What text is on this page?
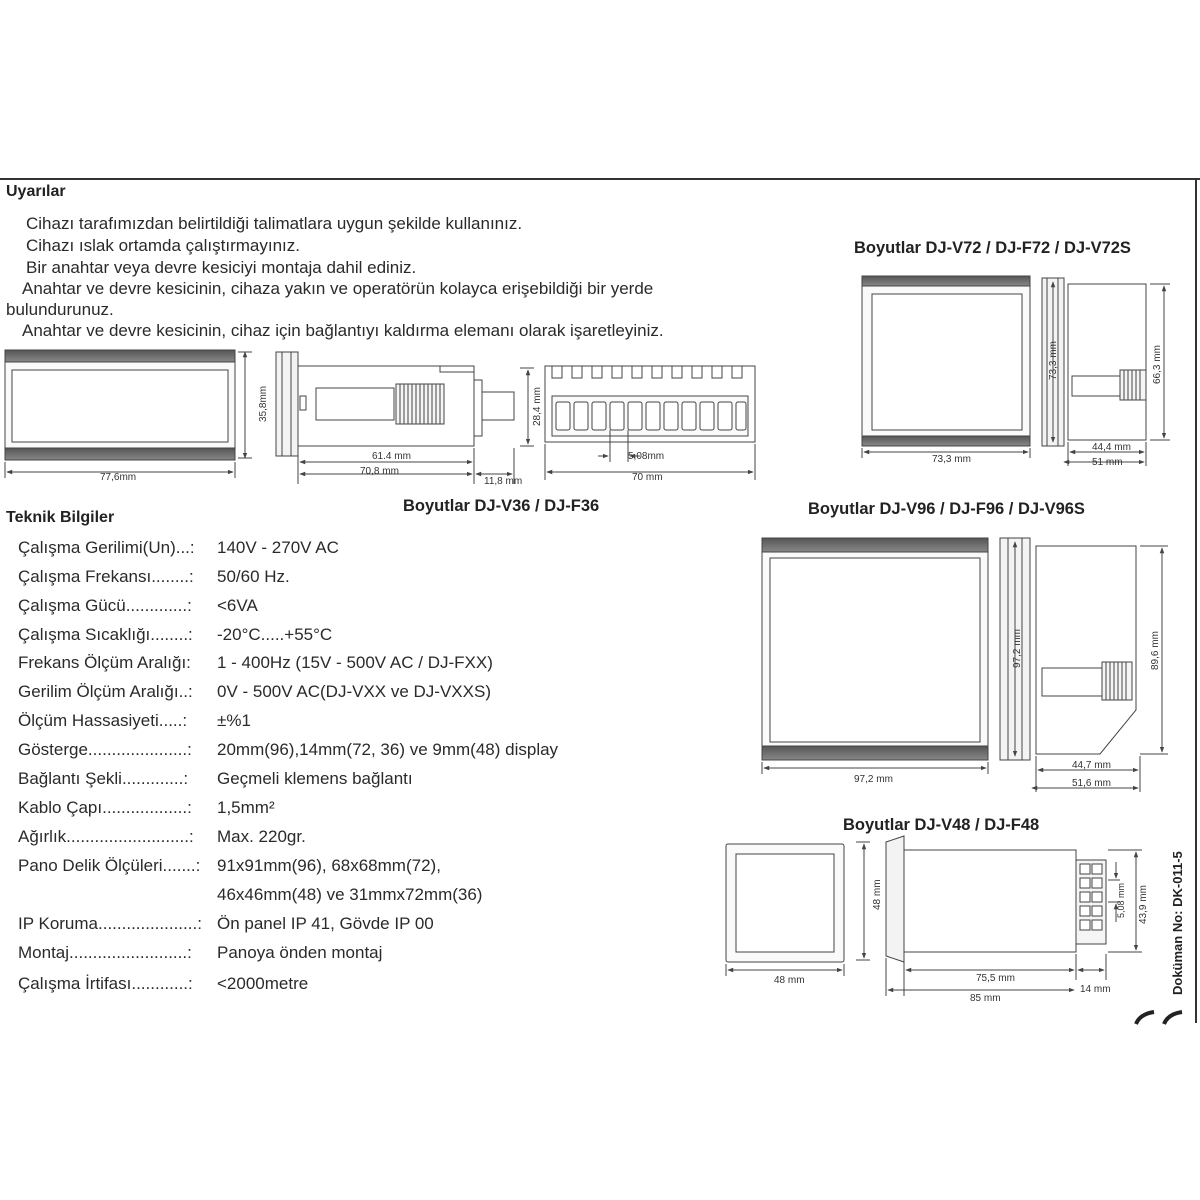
Uyarılar
Cihazı tarafımızdan belirtildiği talimatlara uygun şekilde kullanınız.
Cihazı ıslak ortamda çalıştırmayınız.
Bir anahtar veya devre kesiciyi montaja dahil ediniz.
Anahtar ve devre kesicinin, cihaza yakın ve operatörün kolayca erişebildiği bir yerde
bulundurunuz.
Anahtar ve devre kesicinin, cihaz için bağlantıyı kaldırma elemanı olarak işaretleyiniz.
Boyutlar DJ-V72 / DJ-F72 / DJ-V72S
Boyutlar DJ-V36 / DJ-F36	Boyutlar DJ-V96 / DJ-F96 / DJ-V96S
Boyutlar DJ-V48 / DJ-F48
Teknik Bilgiler
Çalışma Gerilimi(Un)...: 140V - 270V AC
Çalışma Frekansı........: 50/60 Hz.
Çalışma Gücü.............: <6VA
Çalışma Sıcaklığı........: -20°C.....+55°C
Frekans Ölçüm Aralığı: 1 - 400Hz (15V - 500V AC / DJ-FXX)
Gerilim Ölçüm Aralığı..: 0V - 500V AC(DJ-VXX ve DJ-VXXS)
Ölçüm Hassasiyeti.....: ±%1
Gösterge.....................: 20mm(96),14mm(72, 36) ve 9mm(48) display
Bağlantı Şekli.............: Geçmeli klemens bağlantı
Kablo Çapı..................: 1,5mm²
Ağırlık..........................: Max. 220gr.
Pano Delik Ölçüleri.......: 91x91mm(96), 68x68mm(72),
46x46mm(48) ve 31mmx72mm(36)
IP Koruma.....................: Ön panel IP 41, Gövde IP 00
Montaj.........................: Panoya önden montaj
Çalışma İrtifası............: <2000metre	Doküman No: DK-011-5
35,8mm
77,6mm
61.4 mm
70,8 mm
11,8 mm
28,4 mm
5,08mm
70 mm
73,3 mm
73,3 mm	66,3 mm
44,4 mm
51 mm
97,2 mm
97,2 mm	89,6 mm
44,7 mm
51,6 mm
48 mm
48 mm	5,08 mm 43,9 mm
75,5 mm
85 mm
14 mm
